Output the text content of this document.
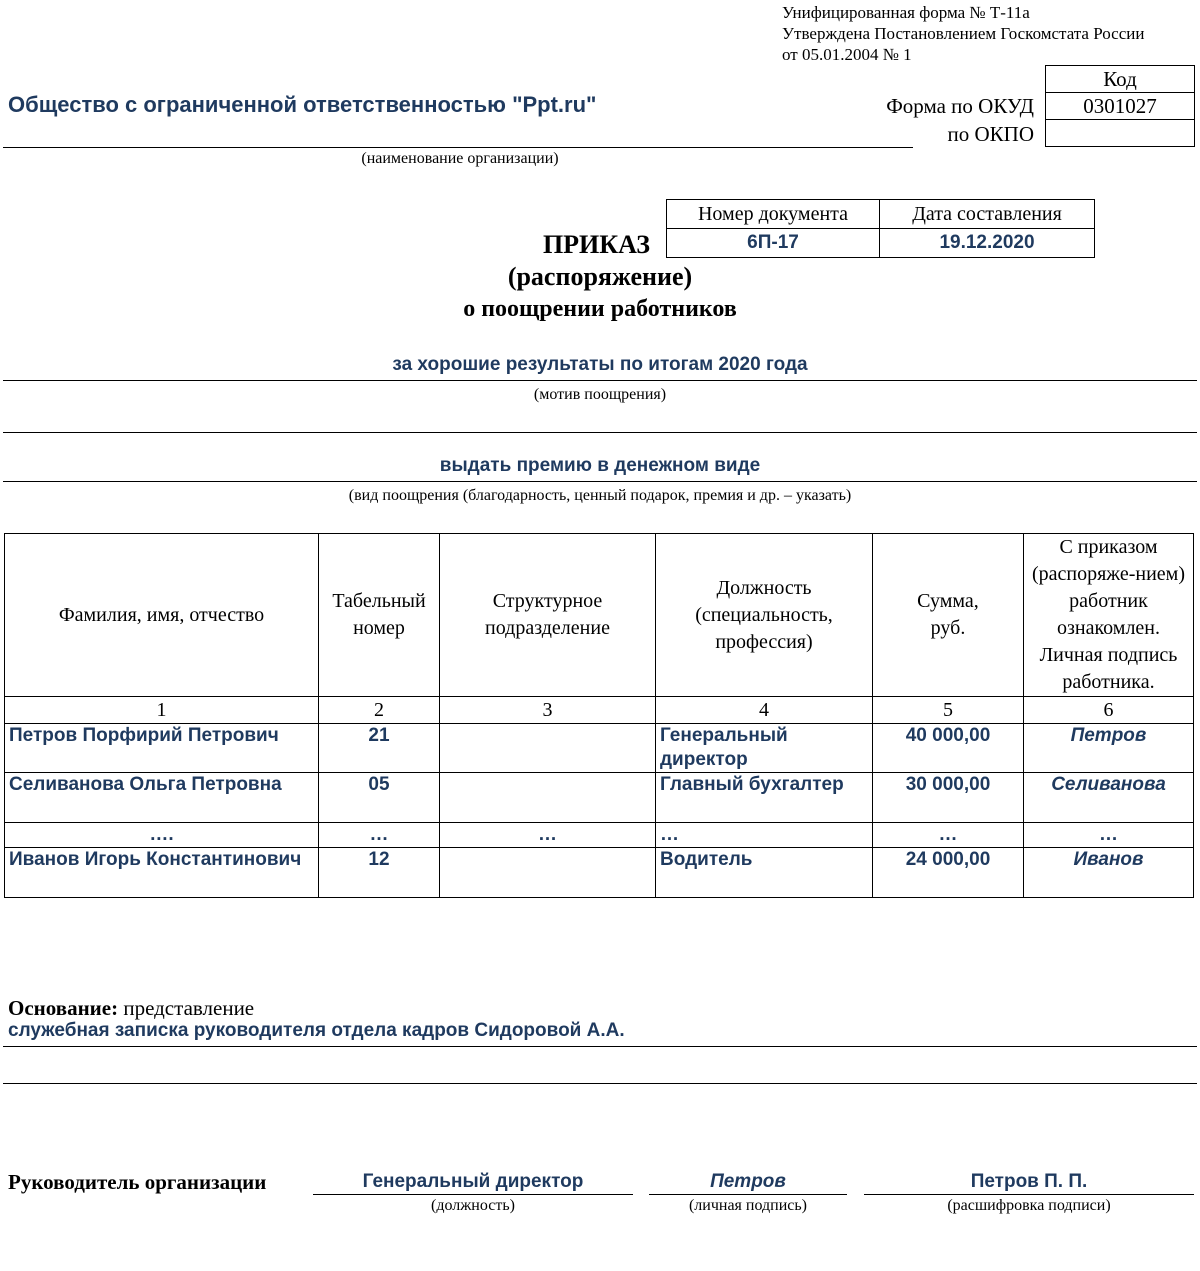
Унифицированная форма № Т-11а
Утверждена Постановлением Госкомстата России
от 05.01.2004 № 1
Общество с ограниченной ответственностью "Ppt.ru"
(наименование организации)
Форма по ОКУД
по ОКПО
Код
0301027

Номер документа	Дата составления
6П-17	19.12.2020
ПРИКАЗ
(распоряжение)
о поощрении работников
за хорошие результаты по итогам 2020 года
(мотив поощрения)
выдать премию в денежном виде
(вид поощрения (благодарность, ценный подарок, премия и др. – указать)
Фамилия, имя, отчество	Табельный номер	Структурное подразделение	Должность (специальность, профессия)	Сумма, руб.	С приказом (распоряже-нием) работник ознакомлен. Личная подпись работника.
1	2	3	4	5	6
Петров Порфирий Петрович	21		Генеральный директор	40 000,00	Петров
Селиванова Ольга Петровна	05		Главный бухгалтер	30 000,00	Селиванова
….	…	…	…	…	…
Иванов Игорь Константинович	12		Водитель	24 000,00	Иванов
Основание: представление
служебная записка руководителя отдела кадров Сидоровой А.А.
Руководитель организации	Генеральный директор
(должность)
Петров
(личная подпись)
Петров П. П.
(расшифровка подписи)
